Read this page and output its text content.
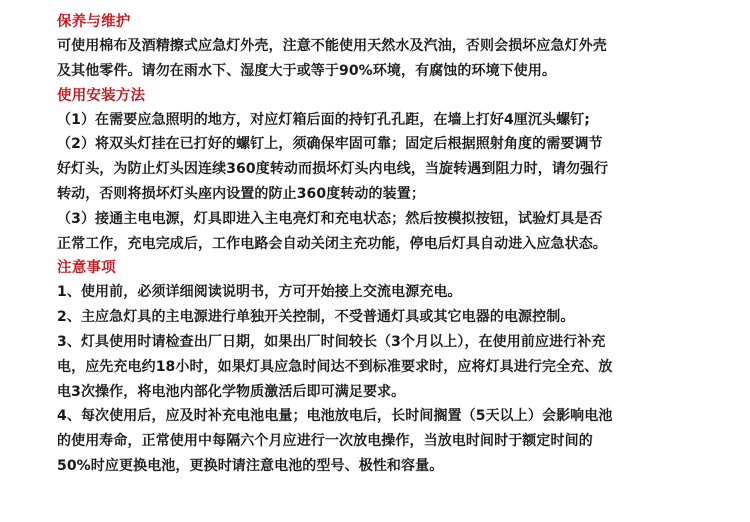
保养与维护
可使用棉布及酒精擦式应急灯外壳，注意不能使用天然水及汽油，否则会损坏应急灯外壳
及其他零件。请勿在雨水下、湿度大于或等于90%环境，有腐蚀的环境下使用。
使用安装方法
（1）在需要应急照明的地方，对应灯箱后面的持钉孔孔距，在墙上打好4厘沉头螺钉;
（2）将双头灯挂在已打好的螺钉上，须确保牢固可靠；固定后根据照射角度的需要调节
好灯头，为防止灯头因连续360度转动而损坏灯头内电线，当旋转遇到阻力时，请勿强行
转动，否则将损坏灯头座内设置的防止360度转动的装置；
（3）接通主电电源，灯具即进入主电亮灯和充电状态；然后按模拟按钮，试验灯具是否
正常工作，充电完成后，工作电路会自动关闭主充功能，停电后灯具自动进入应急状态。
注意事项
1、使用前，必须详细阅读说明书，方可开始接上交流电源充电。
2、主应急灯具的主电源进行单独开关控制，不受普通灯具或其它电器的电源控制。
3、灯具使用时请检查出厂日期，如果出厂时间较长（3个月以上），在使用前应进行补充
电，应先充电约18小时，如果灯具应急时间达不到标准要求时，应将灯具进行完全充、放
电3次操作，将电池内部化学物质激活后即可满足要求。
4、每次使用后，应及时补充电池电量；电池放电后，长时间搁置（5天以上）会影响电池
的使用寿命，正常使用中每隔六个月应进行一次放电操作，当放电时间时于额定时间的
50%时应更换电池，更换时请注意电池的型号、极性和容量。
